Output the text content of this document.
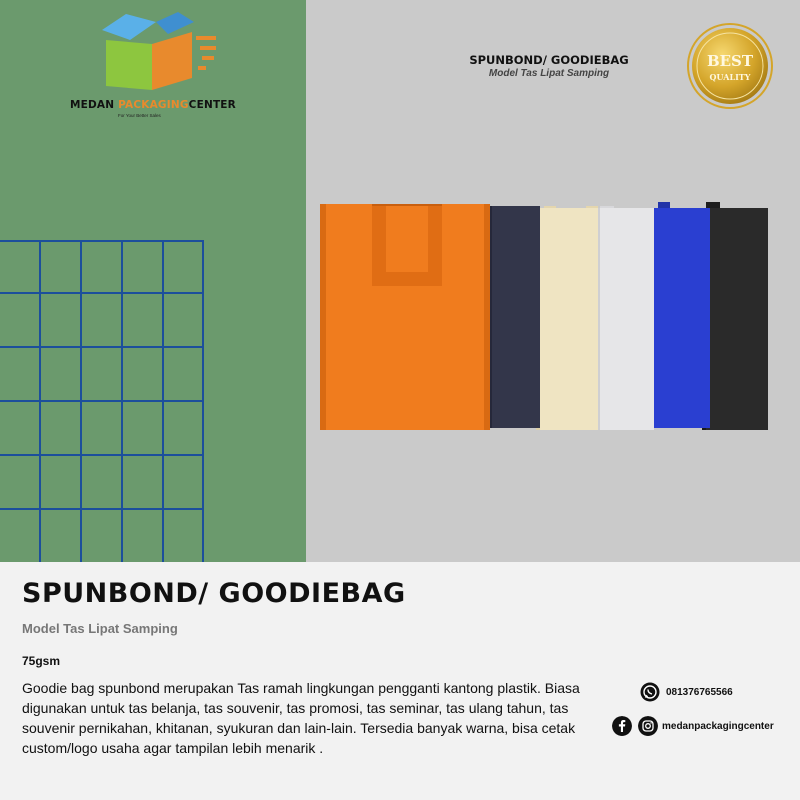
MEDAN PACKAGINGCENTER
For Your Better Sales
SPUNBOND/ GOODIEBAG
Model Tas Lipat Samping
BEST
QUALITY
SPUNBOND/ GOODIEBAG
Model Tas Lipat Samping
75gsm
Goodie bag spunbond merupakan Tas ramah lingkungan pengganti kantong plastik. Biasa digunakan untuk tas belanja, tas souvenir, tas promosi, tas seminar, tas ulang tahun, tas souvenir pernikahan, khitanan, syukuran dan lain-lain. Tersedia banyak warna, bisa cetak custom/logo usaha agar tampilan lebih menarik .
081376765566
medanpackagingcenter
